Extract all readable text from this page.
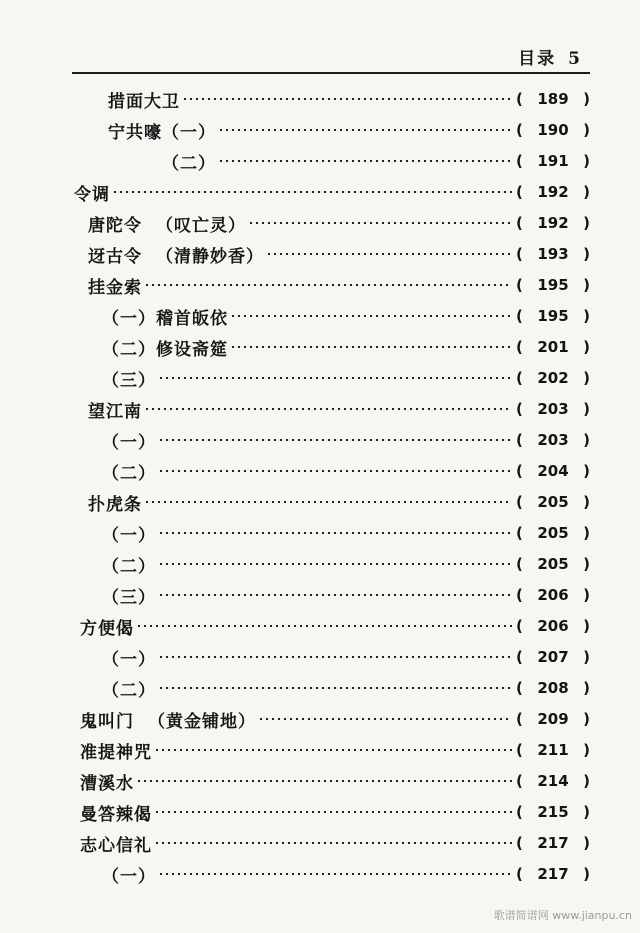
目录 5
措面大卫	( 189 )
宁共嚎（一）	( 190 )
（二）	( 191 )
令调	( 192 )
唐陀令 （叹亡灵）	( 192 )
迓古令 （清静妙香）	( 193 )
挂金索	( 195 )
（一）稽首皈依	( 195 )
（二）修设斋筵	( 201 )
（三）	( 202 )
望江南	( 203 )
（一）	( 203 )
（二）	( 204 )
扑虎条	( 205 )
（一）	( 205 )
（二）	( 205 )
（三）	( 206 )
方便偈	( 206 )
（一）	( 207 )
（二）	( 208 )
鬼叫门 （黄金铺地）	( 209 )
准提神咒	( 211 )
漕溪水	( 214 )
曼答辣偈	( 215 )
志心信礼	( 217 )
（一）	( 217 )
歌谱简谱网 www.jianpu.cn
